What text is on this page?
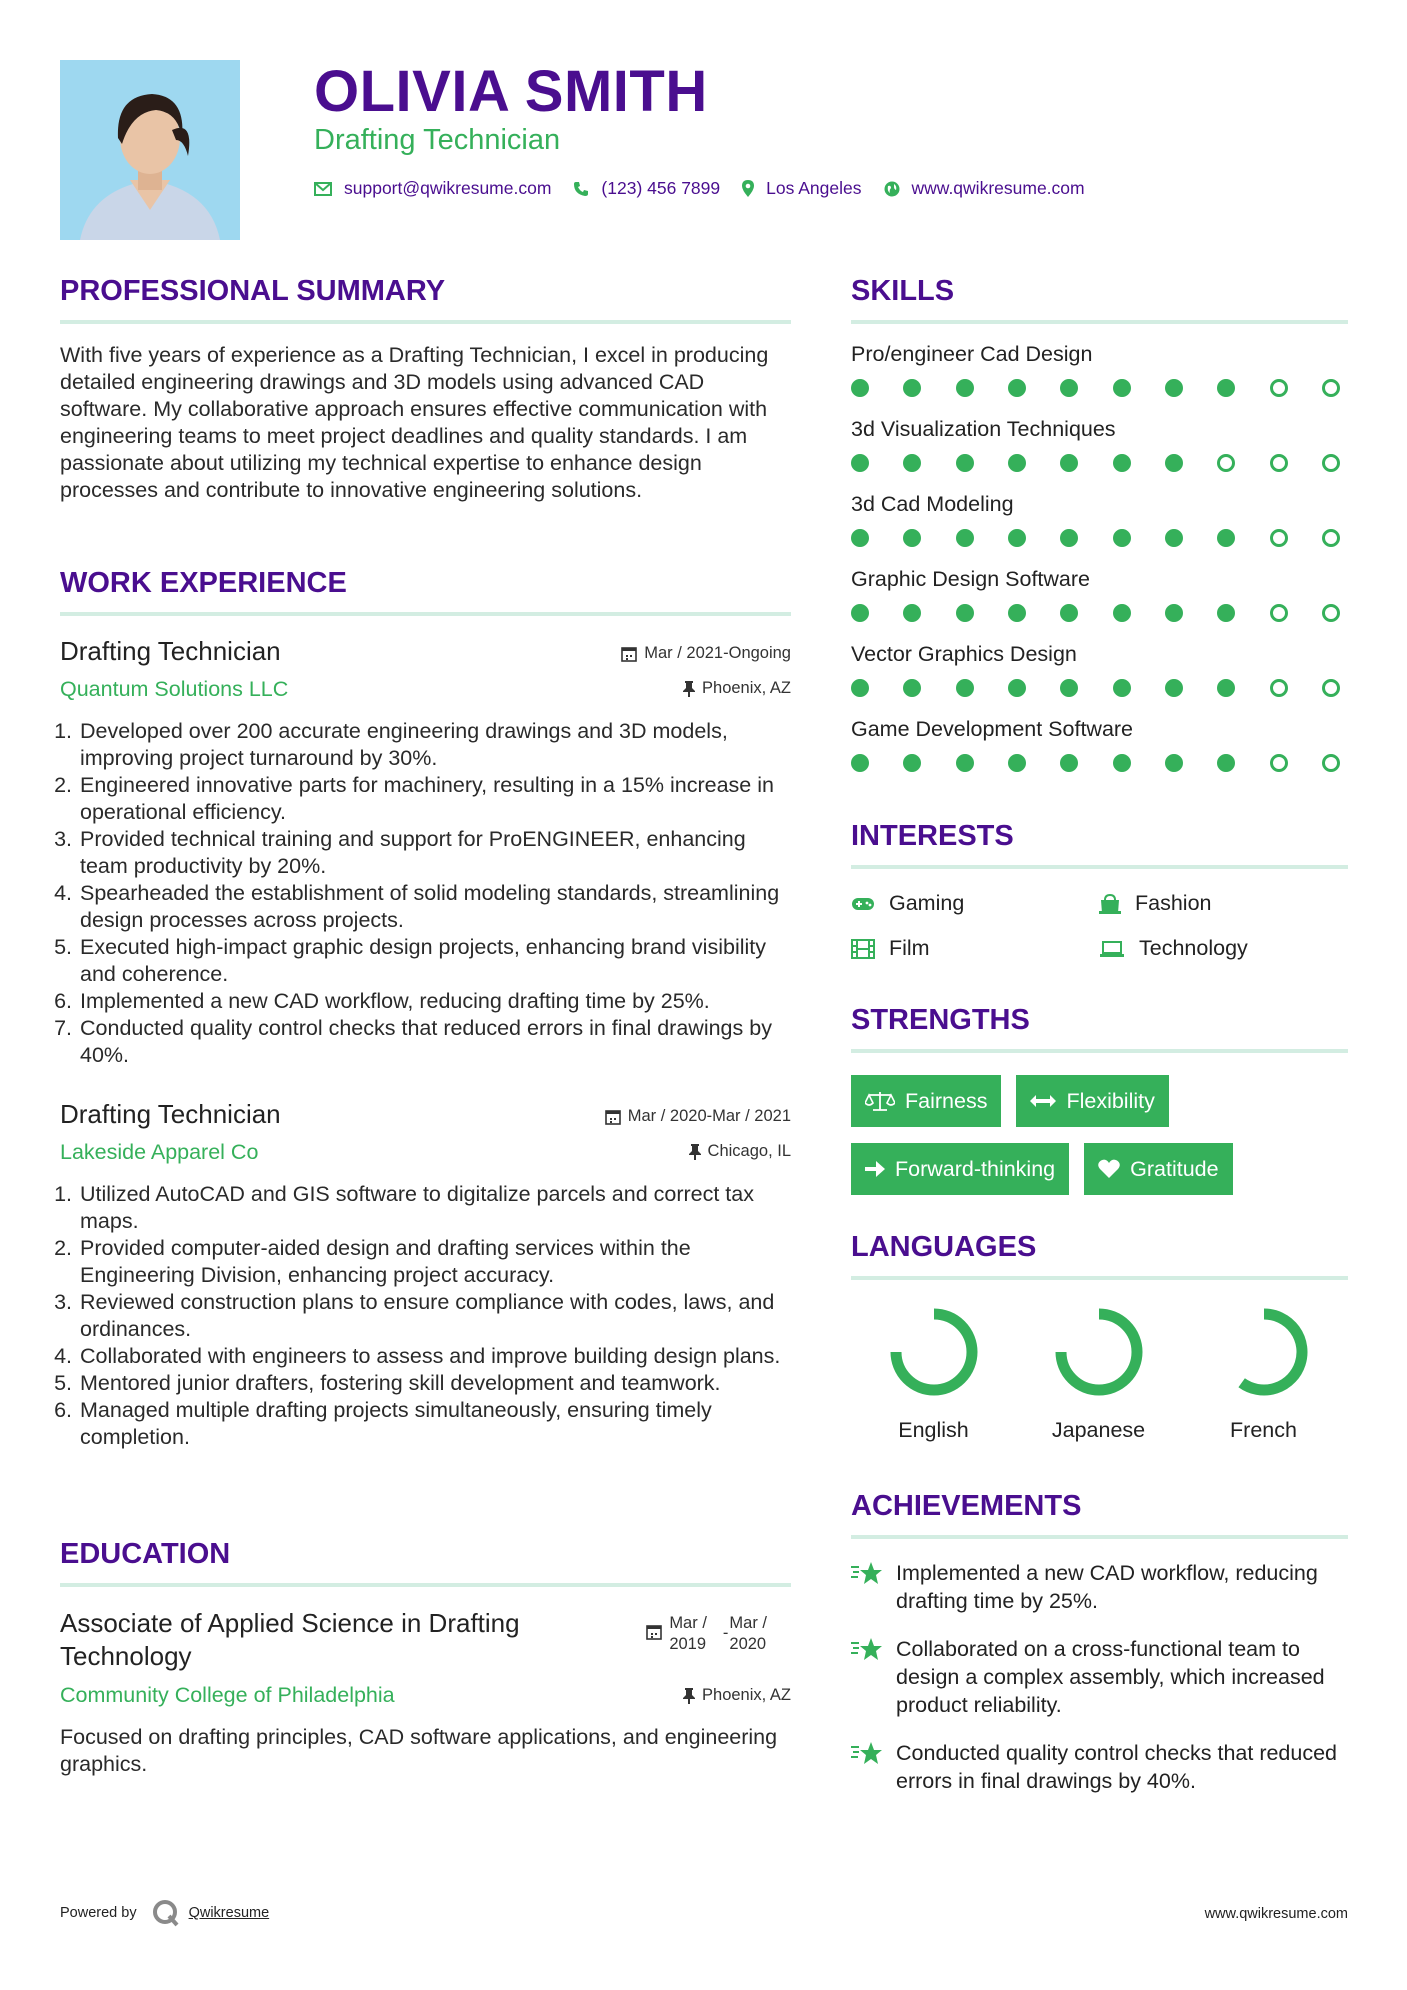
OLIVIA SMITH
Drafting Technician
support@qwikresume.com	(123) 456 7899	Los Angeles	www.qwikresume.com
PROFESSIONAL SUMMARY
With five years of experience as a Drafting Technician, I excel in producing detailed engineering drawings and 3D models using advanced CAD software. My collaborative approach ensures effective communication with engineering teams to meet project deadlines and quality standards. I am passionate about utilizing my technical expertise to enhance design processes and contribute to innovative engineering solutions.
WORK EXPERIENCE
Drafting Technician	Mar / 2021-Ongoing
Quantum Solutions LLC	Phoenix, AZ
1. Developed over 200 accurate engineering drawings and 3D models, improving project turnaround by 30%.
2. Engineered innovative parts for machinery, resulting in a 15% increase in operational efficiency.
3. Provided technical training and support for ProENGINEER, enhancing team productivity by 20%.
4. Spearheaded the establishment of solid modeling standards, streamlining design processes across projects.
5. Executed high-impact graphic design projects, enhancing brand visibility and coherence.
6. Implemented a new CAD workflow, reducing drafting time by 25%.
7. Conducted quality control checks that reduced errors in final drawings by 40%.
Drafting Technician	Mar / 2020-Mar / 2021
Lakeside Apparel Co	Chicago, IL
1. Utilized AutoCAD and GIS software to digitalize parcels and correct tax maps.
2. Provided computer-aided design and drafting services within the Engineering Division, enhancing project accuracy.
3. Reviewed construction plans to ensure compliance with codes, laws, and ordinances.
4. Collaborated with engineers to assess and improve building design plans.
5. Mentored junior drafters, fostering skill development and teamwork.
6. Managed multiple drafting projects simultaneously, ensuring timely completion.
EDUCATION
Associate of Applied Science in Drafting
Technology
Mar /
2019
-
Mar /
2020
Community College of Philadelphia	Phoenix, AZ
Focused on drafting principles, CAD software applications, and engineering graphics.
SKILLS
Pro/engineer Cad Design
3d Visualization Techniques
3d Cad Modeling
Graphic Design Software
Vector Graphics Design
Game Development Software
INTERESTS
Gaming	Fashion
Film	Technology
STRENGTHS
Fairness	Flexibility
Forward-thinking	Gratitude
LANGUAGES
English	Japanese	French
ACHIEVEMENTS
Implemented a new CAD workflow, reducing drafting time by 25%.
Collaborated on a cross-functional team to design a complex assembly, which increased product reliability.
Conducted quality control checks that reduced errors in final drawings by 40%.
Powered by	Qwikresume	www.qwikresume.com
